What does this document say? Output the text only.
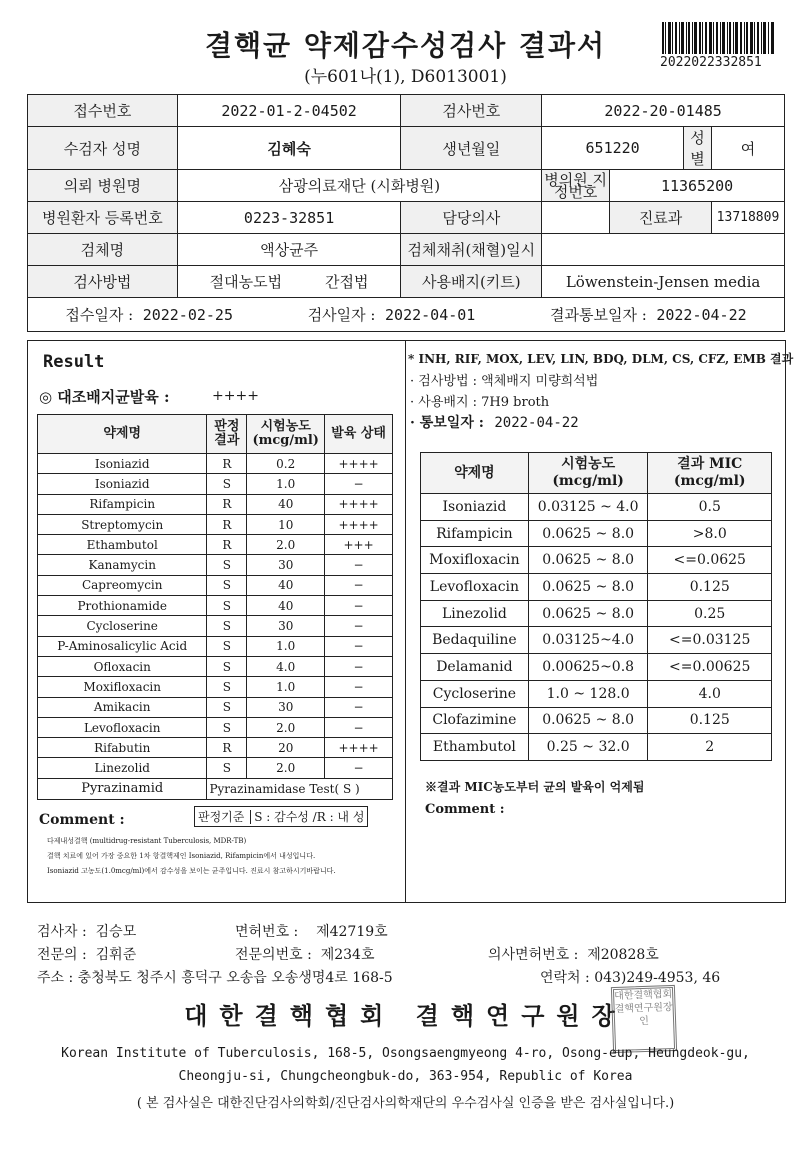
결핵균 약제감수성검사 결과서
(누601나(1), D6013001)
2022022332851
접수번호	2022-01-2-04502	검사번호	2022-20-01485			
수검자 성명	김혜숙	생년월일	651220		성별	여
의뢰 병원명	삼광의료재단 (시화병원)		병의원 지정번호	11365200		
병원환자 등록번호	0223-32851	담당의사		진료과		13718809
검체명	액상균주	검체채취(채혈)일시				
검사방법	절대농도법 간접법	사용배지(키트)	Löwenstein-Jensen media			

접수일자 : 2022-02-25 검사일자 : 2022-04-01 결과통보일자 : 2022-04-22						
Result
◎ 대조배지균발육 :	++++
약제명	판정 결과	시험농도 (mcg/ml)	발육 상태
Isoniazid	R	0.2	++++
Isoniazid	S	1.0	−
Rifampicin	R	40	++++
Streptomycin	R	10	++++
Ethambutol	R	2.0	+++
Kanamycin	S	30	−
Capreomycin	S	40	−
Prothionamide	S	40	−
Cycloserine	S	30	−
P-Aminosalicylic Acid	S	1.0	−
Ofloxacin	S	4.0	−
Moxifloxacin	S	1.0	−
Amikacin	S	30	−
Levofloxacin	S	2.0	−
Rifabutin	R	20	++++
Linezolid	S	2.0	−
Pyrazinamid	Pyrazinamidase Test( S )		
Comment :	판정기준 S : 감수성 /R : 내 성
다제내성결핵 (multidrug-resistant Tuberculosis, MDR-TB)
결핵 치료에 있어 가장 중요한 1차 항결핵제인 Isoniazid, Rifampicin에서 내성입니다.
Isoniazid 고농도(1.0mcg/ml)에서 감수성을 보이는 균주입니다. 진료시 참고하시기바랍니다.
* INH, RIF, MOX, LEV, LIN, BDQ, DLM, CS, CFZ, EMB 결과
· 검사방법 : 액체배지 미량희석법
· 사용배지 : 7H9 broth
· 통보일자 : 2022-04-22
약제명	시험농도 (mcg/ml)	결과 MIC (mcg/ml)
Isoniazid	0.03125 ~ 4.0	0.5
Rifampicin	0.0625 ~ 8.0	>8.0
Moxifloxacin	0.0625 ~ 8.0	<=0.0625
Levofloxacin	0.0625 ~ 8.0	0.125
Linezolid	0.0625 ~ 8.0	0.25
Bedaquiline	0.03125~4.0	<=0.03125
Delamanid	0.00625~0.8	<=0.00625
Cycloserine	1.0 ~ 128.0	4.0
Clofazimine	0.0625 ~ 8.0	0.125
Ethambutol	0.25 ~ 32.0	2
※결과 MIC농도부터 균의 발육이 억제됨
Comment :
검사자 : 김승모	면허번호 : 제42719호
전문의 : 김휘준	전문의번호 : 제234호	의사면허번호 : 제20828호
주소 : 충청북도 청주시 흥덕구 오송읍 오송생명4로 168-5	연락처 : 043)249-4953, 46
대한결핵협회 결핵연구원장
대한결핵협회결핵연구원장인
Korean Institute of Tuberculosis, 168-5, Osongsaengmyeong 4-ro, Osong-eup, Heungdeok-gu,
Cheongju-si, Chungcheongbuk-do, 363-954, Republic of Korea
( 본 검사실은 대한진단검사의학회/진단검사의학재단의 우수검사실 인증을 받은 검사실입니다.)
